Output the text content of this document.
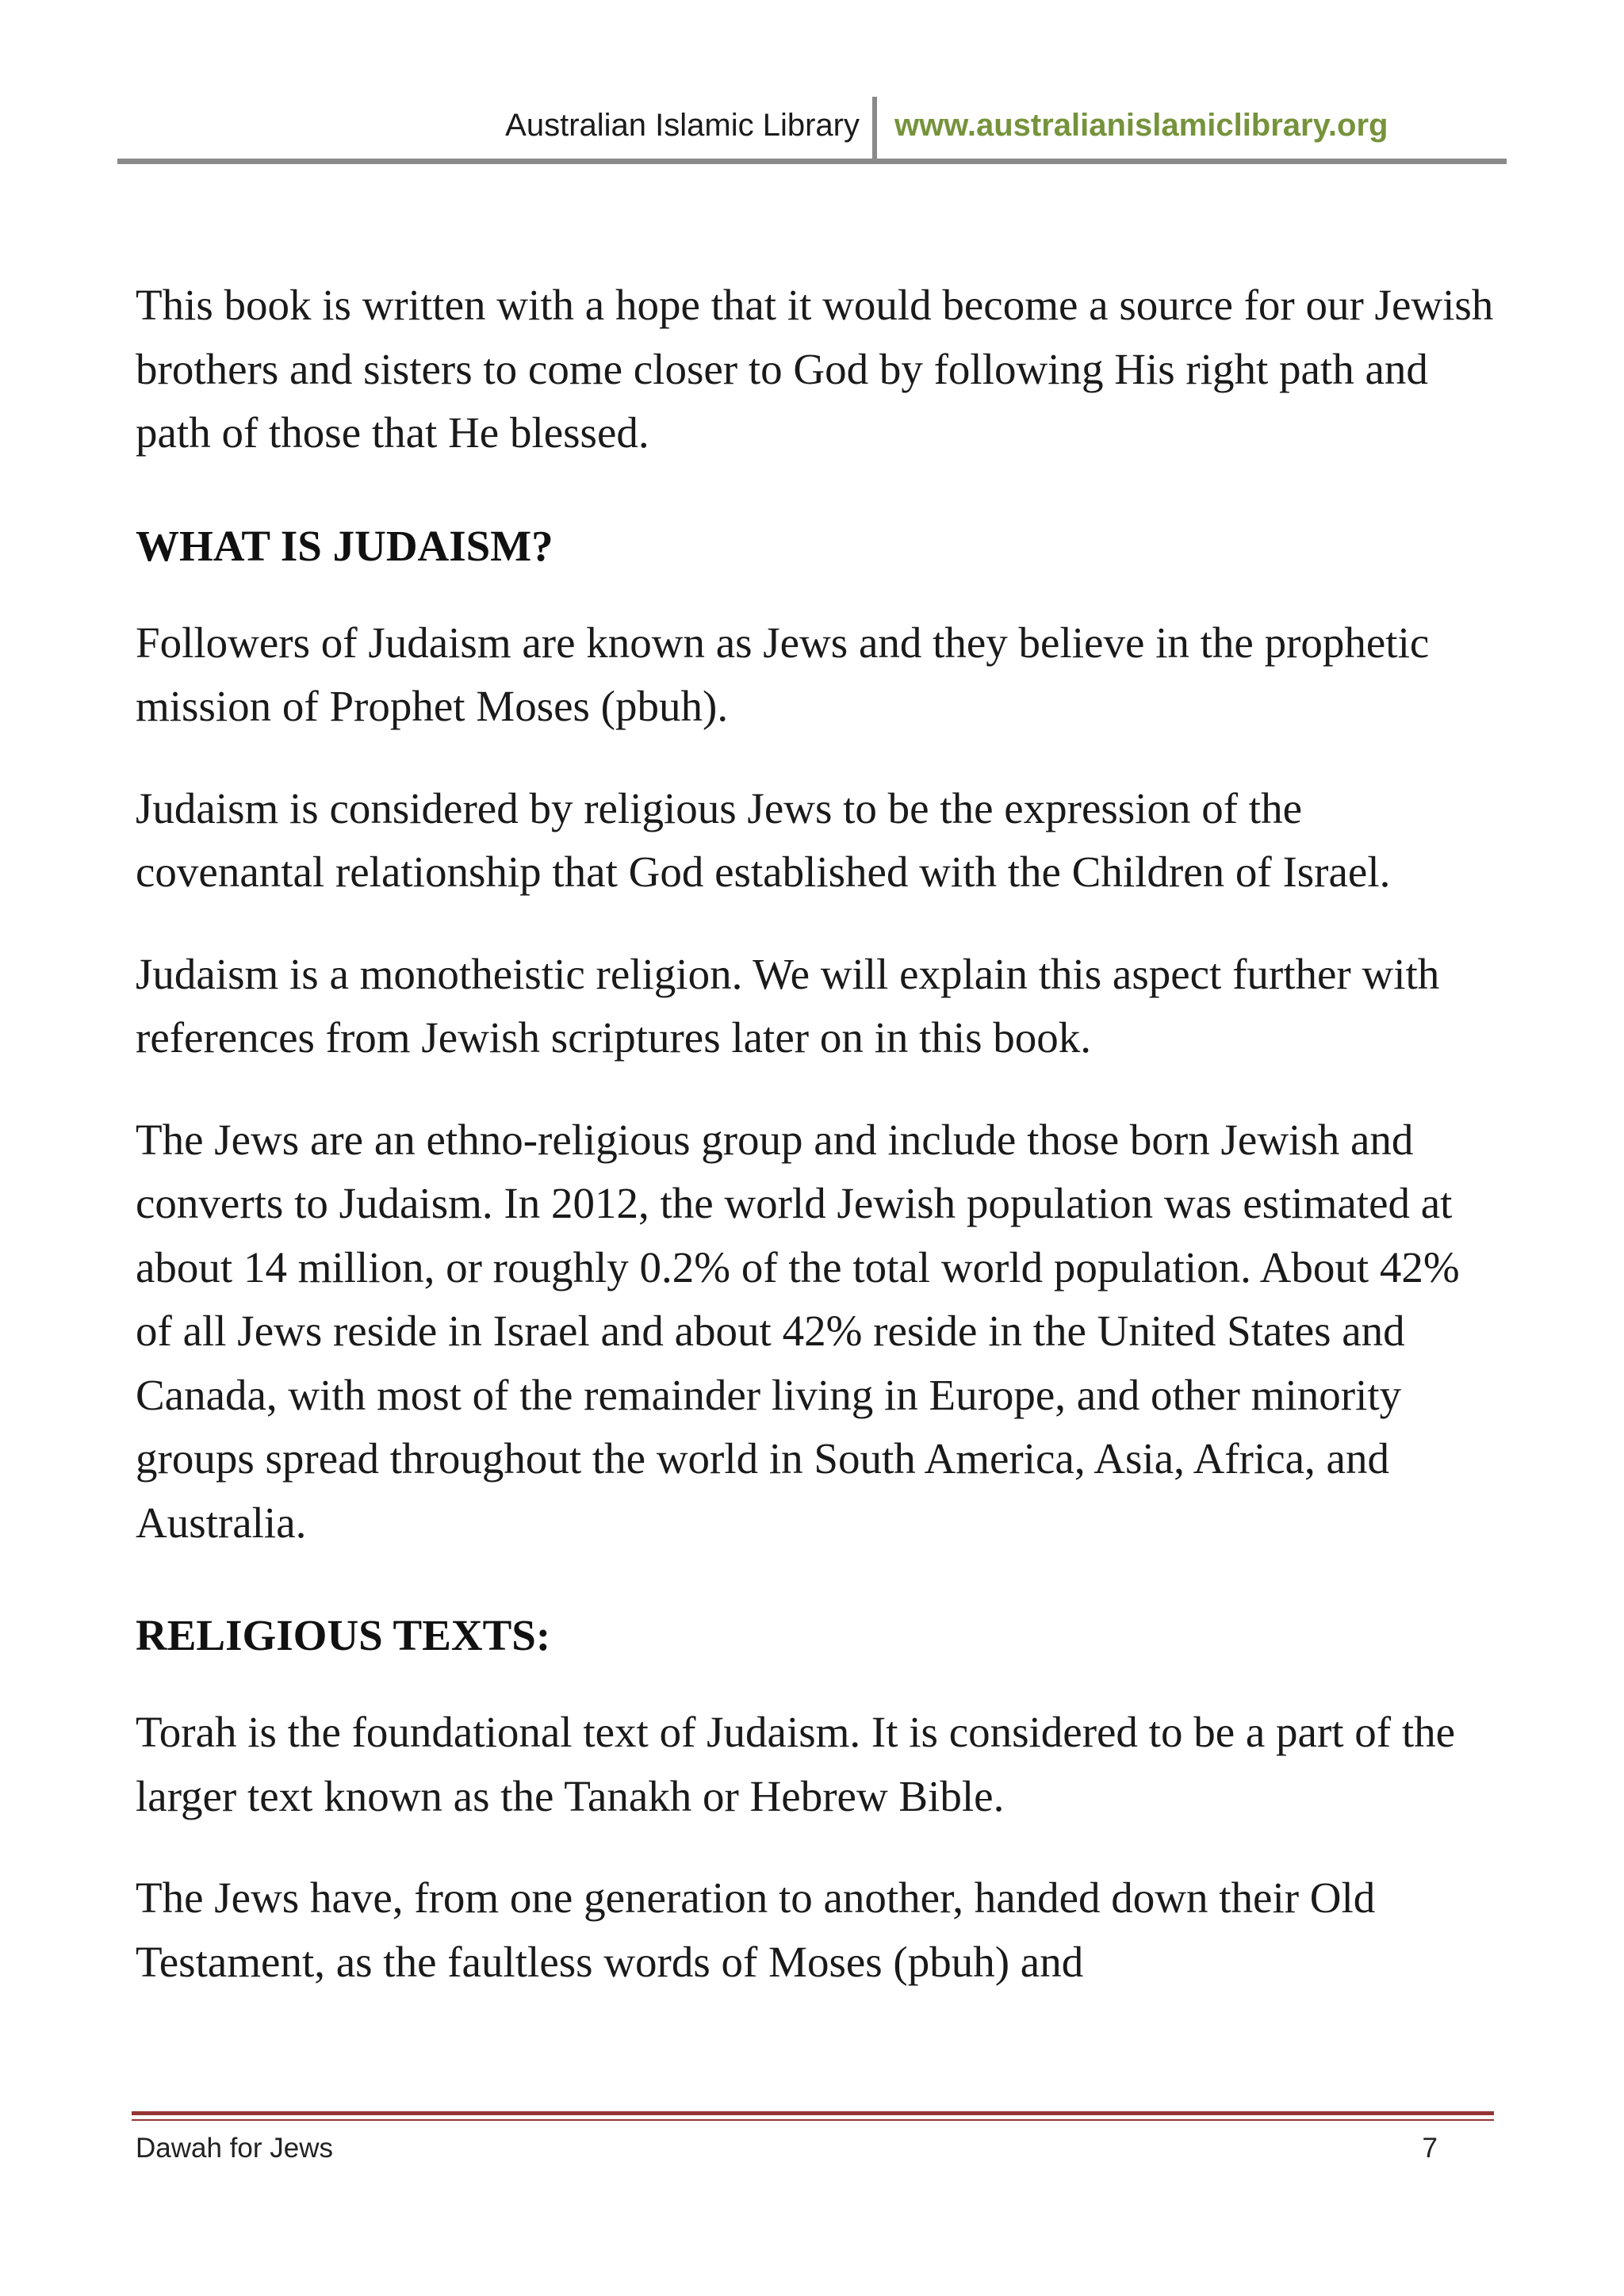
Australian Islamic Library www.australianislamiclibrary.org

This book is written with a hope that it would become a source for our Jewish brothers and sisters to come closer to God by following His right path and path of those that He blessed.

WHAT IS JUDAISM?

Followers of Judaism are known as Jews and they believe in the prophetic mission of Prophet Moses (pbuh).

Judaism is considered by religious Jews to be the expression of the covenantal relationship that God established with the Children of Israel.

Judaism is a monotheistic religion. We will explain this aspect further with references from Jewish scriptures later on in this book.

The Jews are an ethno-religious group and include those born Jewish and converts to Judaism. In 2012, the world Jewish population was estimated at about 14 million, or roughly 0.2% of the total world population. About 42% of all Jews reside in Israel and about 42% reside in the United States and Canada, with most of the remainder living in Europe, and other minority groups spread throughout the world in South America, Asia, Africa, and Australia.

RELIGIOUS TEXTS:

Torah is the foundational text of Judaism. It is considered to be a part of the larger text known as the Tanakh or Hebrew Bible.

The Jews have, from one generation to another, handed down their Old Testament, as the faultless words of Moses (pbuh) and

Dawah for Jews	7
